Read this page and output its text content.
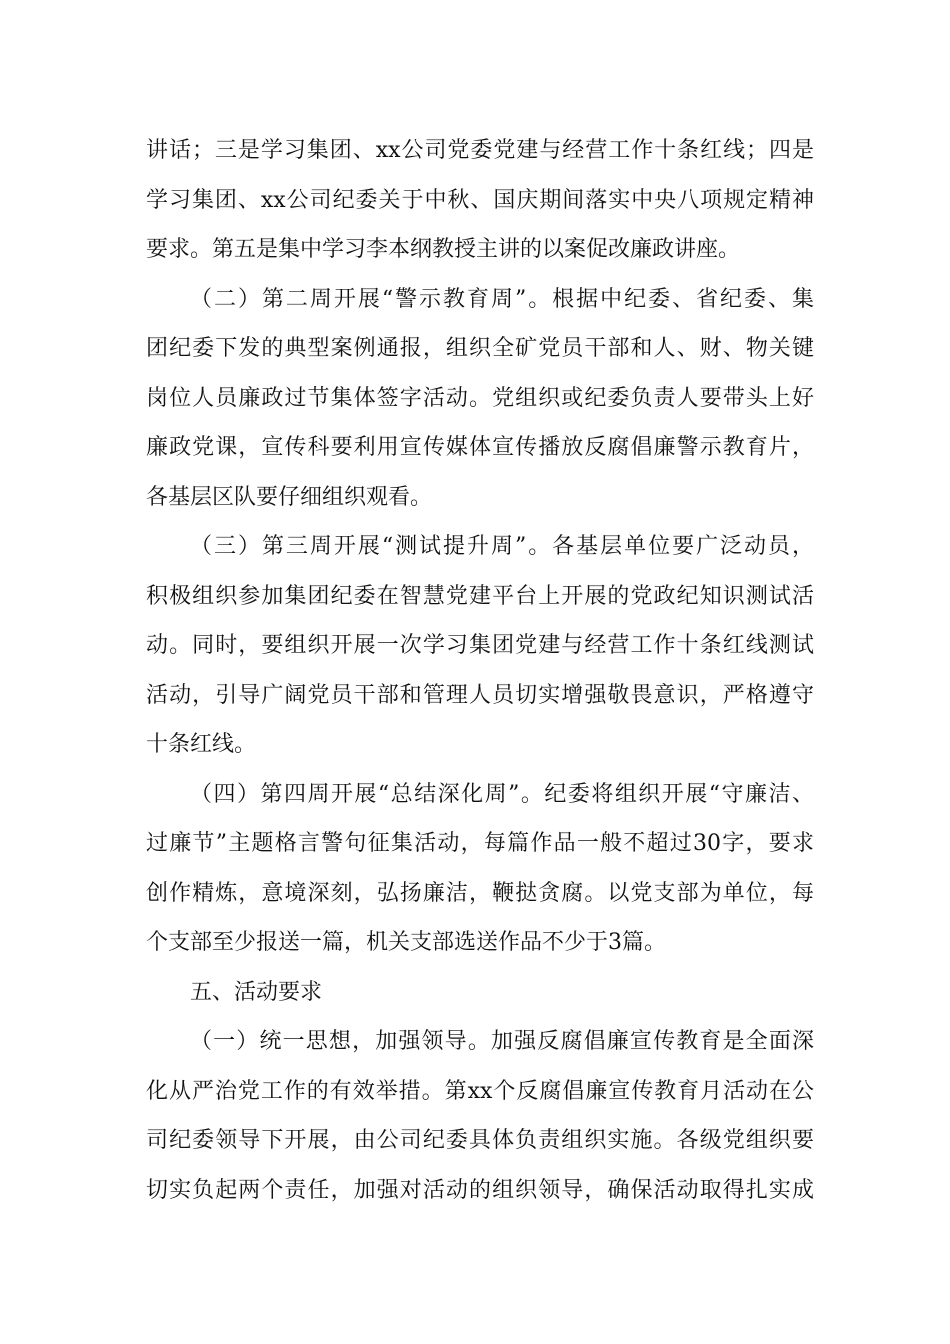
讲话；三是学习集团、xx公司党委党建与经营工作十条红线；四是
学习集团、xx公司纪委关于中秋、国庆期间落实中央八项规定精神
要求。第五是集中学习李本纲教授主讲的以案促改廉政讲座。
（二）第二周开展“警示教育周”。根据中纪委、省纪委、集
团纪委下发的典型案例通报，组织全矿党员干部和人、财、物关键
岗位人员廉政过节集体签字活动。党组织或纪委负责人要带头上好
廉政党课，宣传科要利用宣传媒体宣传播放反腐倡廉警示教育片，
各基层区队要仔细组织观看。
（三）第三周开展“测试提升周”。各基层单位要广泛动员，
积极组织参加集团纪委在智慧党建平台上开展的党政纪知识测试活
动。同时，要组织开展一次学习集团党建与经营工作十条红线测试
活动，引导广阔党员干部和管理人员切实增强敬畏意识，严格遵守
十条红线。
（四）第四周开展“总结深化周”。纪委将组织开展“守廉洁、
过廉节”主题格言警句征集活动，每篇作品一般不超过30字，要求
创作精炼，意境深刻，弘扬廉洁，鞭挞贪腐。以党支部为单位，每
个支部至少报送一篇，机关支部选送作品不少于3篇。
五、活动要求
（一）统一思想，加强领导。加强反腐倡廉宣传教育是全面深
化从严治党工作的有效举措。第xx个反腐倡廉宣传教育月活动在公
司纪委领导下开展，由公司纪委具体负责组织实施。各级党组织要
切实负起两个责任，加强对活动的组织领导，确保活动取得扎实成
